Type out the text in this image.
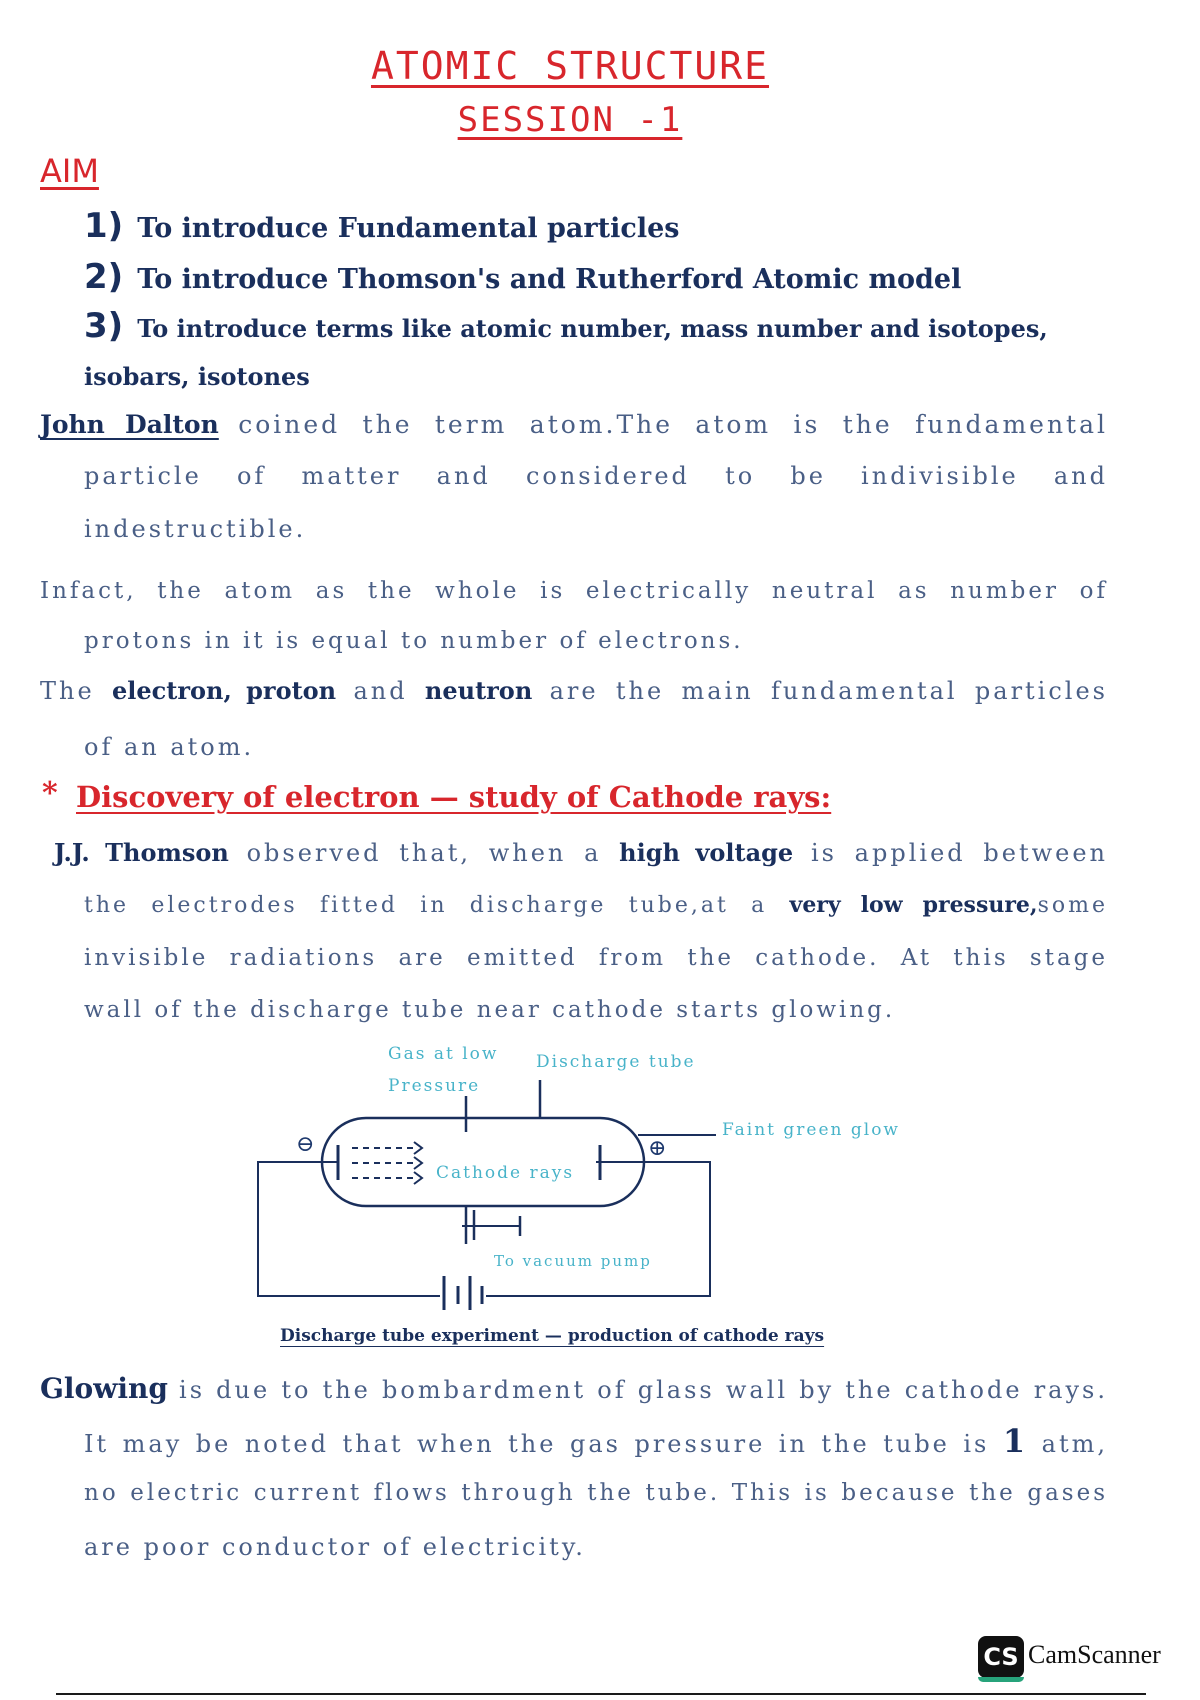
ATOMIC STRUCTURE
SESSION -1
AIM
1) To introduce Fundamental particles
2) To introduce Thomson's and Rutherford Atomic model
3) To introduce terms like atomic number, mass number and isotopes,
isobars, isotones
John Dalton coined the term atom.The atom is the fundamental
particle of matter and considered to be indivisible and
indestructible.
Infact, the atom as the whole is electrically neutral as number of
protons in it is equal to number of electrons.
The electron, proton and neutron are the main fundamental particles
of an atom.
* Discovery of electron — study of Cathode rays:
J.J. Thomson observed that, when a high voltage is applied between
the electrodes fitted in discharge tube,at a very low pressure,some
invisible radiations are emitted from the cathode. At this stage
wall of the discharge tube near cathode starts glowing.
Gas at low
Pressure
Discharge tube
Faint green glow
Cathode rays
To vacuum pump
⊖	⊕
Discharge tube experiment — production of cathode rays
Glowing is due to the bombardment of glass wall by the cathode rays.
It may be noted that when the gas pressure in the tube is 1 atm,
no electric current flows through the tube. This is because the gases
are poor conductor of electricity.
CS CamScanner
